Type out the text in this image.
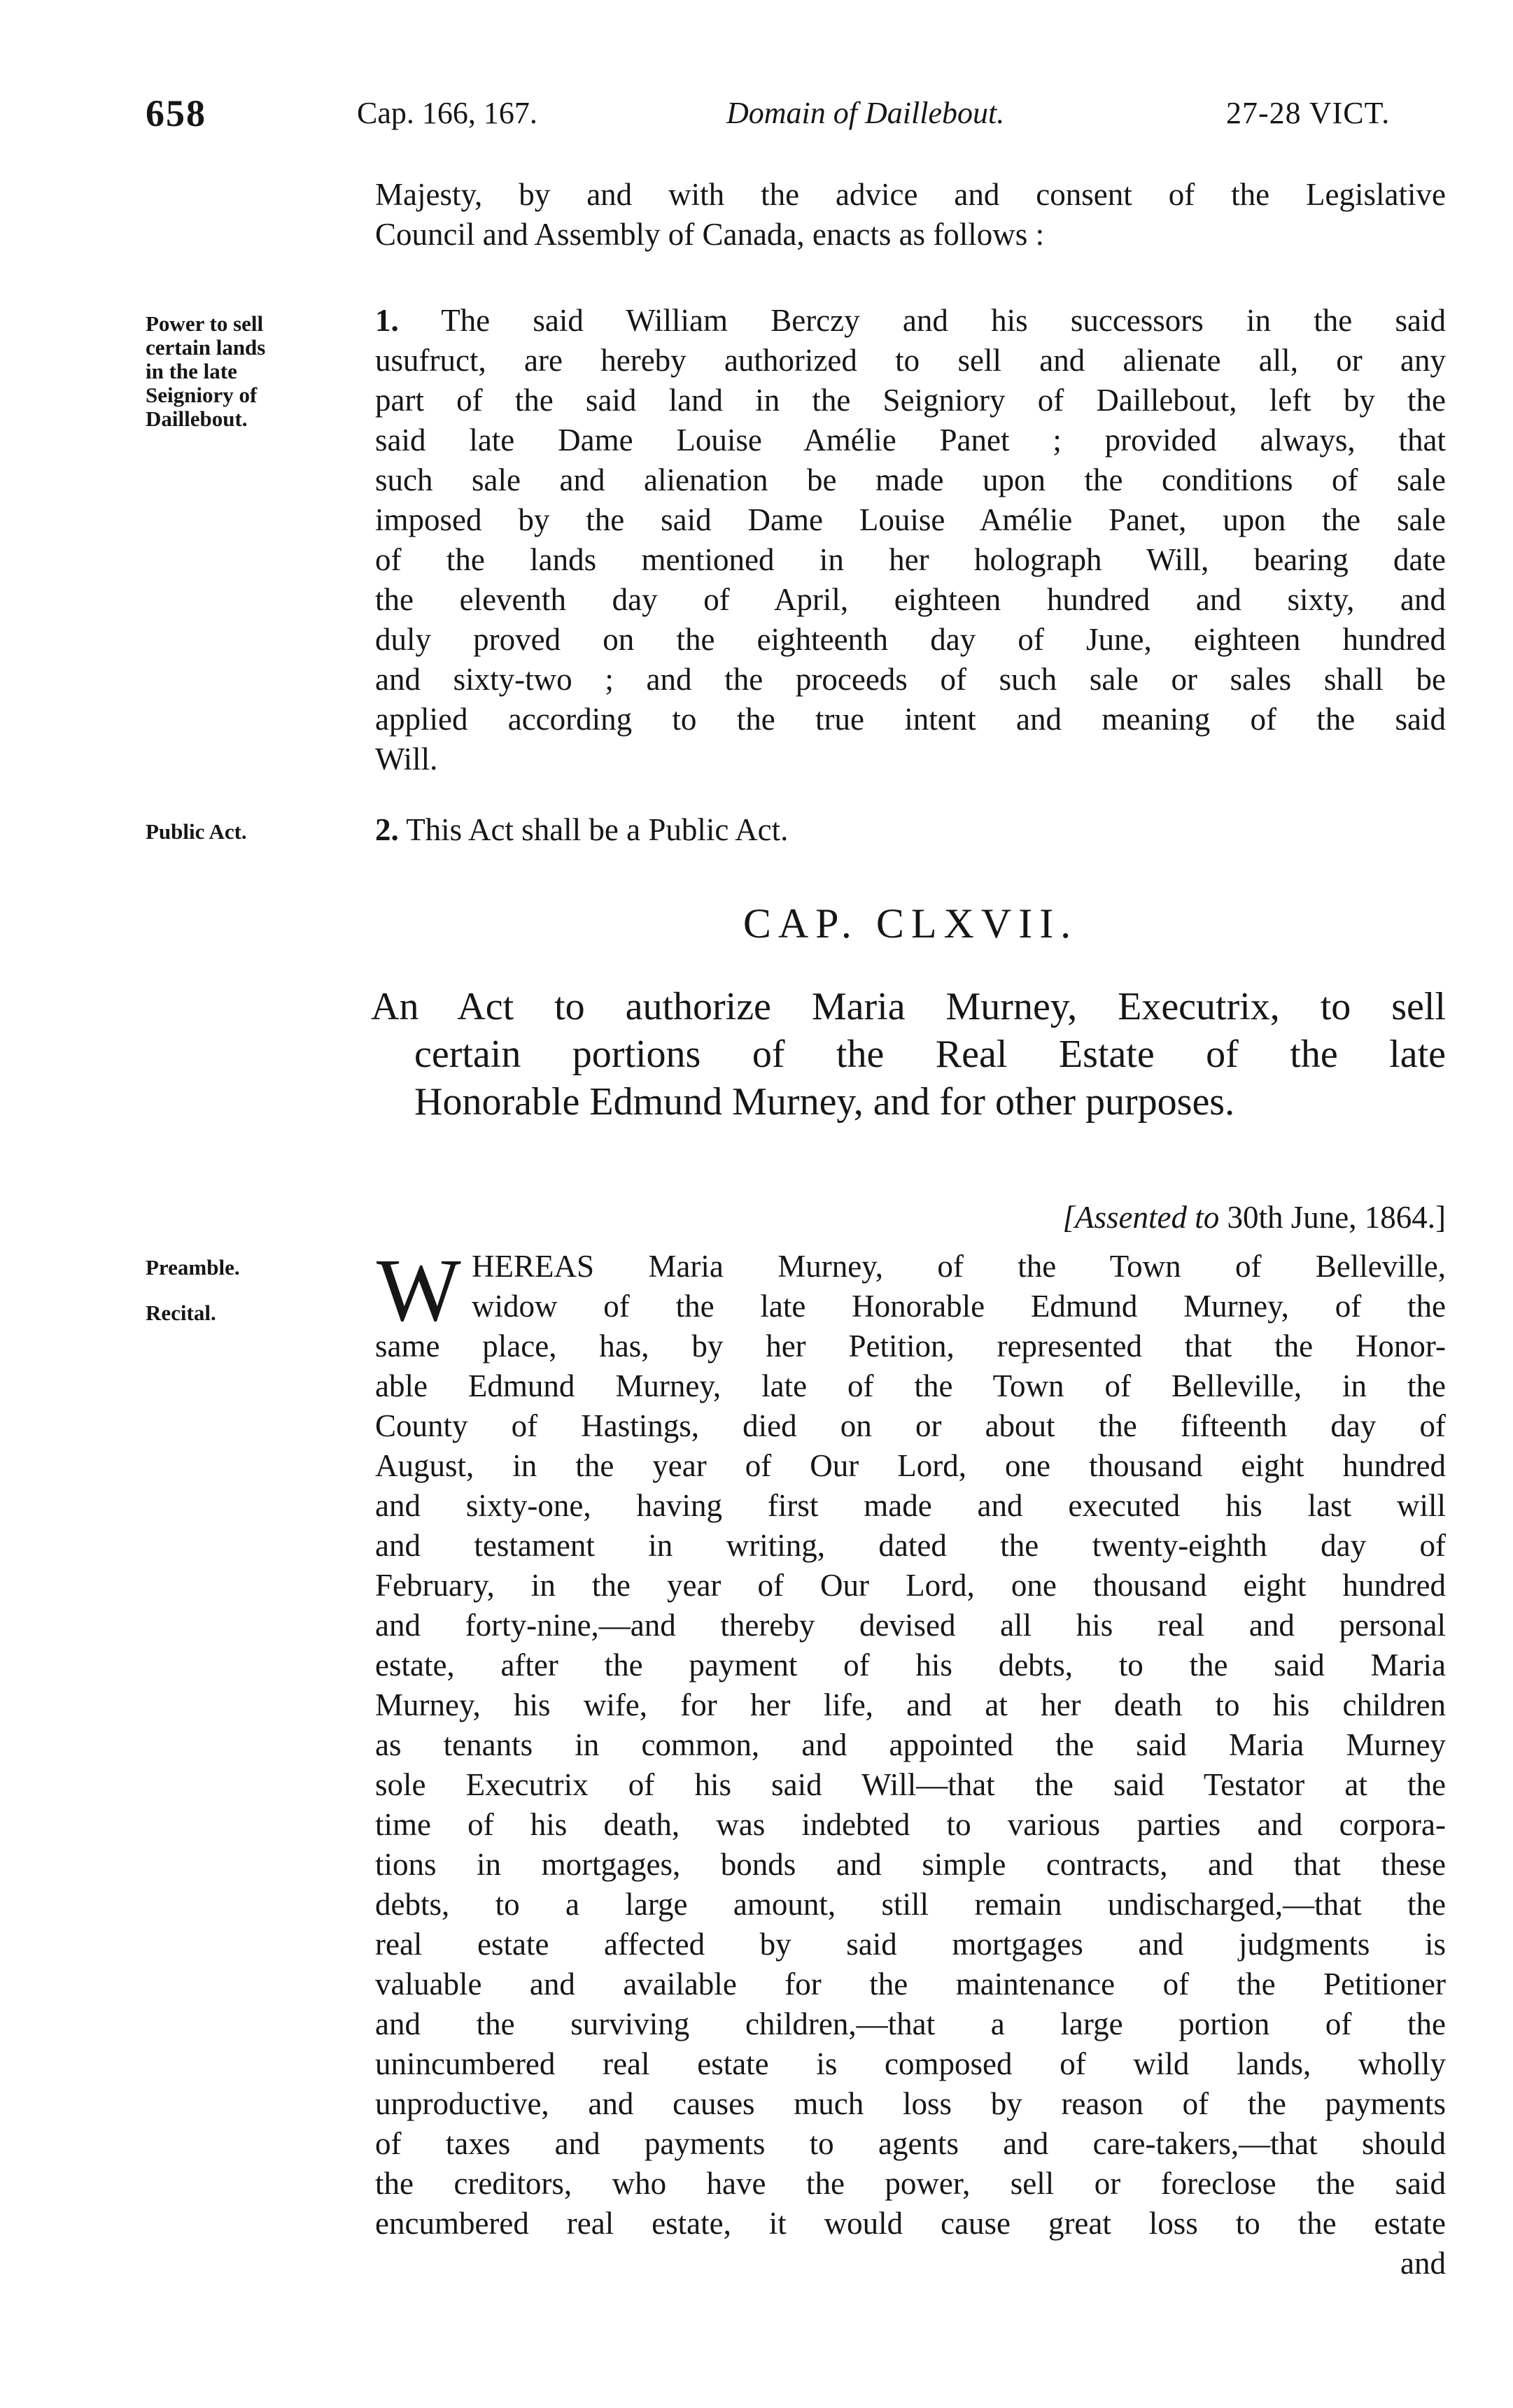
658	Cap. 166, 167.	Domain of Daillebout.	27-28 VICT.
Majesty, by and with the advice and consent of the Legislative
Council and Assembly of Canada, enacts as follows :
Power to sell
certain lands
in the late
Seigniory of
Daillebout.
1. The said William Berczy and his successors in the said
usufruct, are hereby authorized to sell and alienate all, or any
part of the said land in the Seigniory of Daillebout, left by the
said late Dame Louise Amélie Panet ; provided always, that
such sale and alienation be made upon the conditions of sale
imposed by the said Dame Louise Amélie Panet, upon the sale
of the lands mentioned in her holograph Will, bearing date
the eleventh day of April, eighteen hundred and sixty, and
duly proved on the eighteenth day of June, eighteen hundred
and sixty-two ; and the proceeds of such sale or sales shall be
applied according to the true intent and meaning of the said
Will.
Public Act.	2. This Act shall be a Public Act.
CAP. CLXVII.
An Act to authorize Maria Murney, Executrix, to sell
certain portions of the Real Estate of the late
Honorable Edmund Murney, and for other purposes.
[Assented to 30th June, 1864.]
Preamble.
Recital.	W HEREAS Maria Murney, of the Town of Belleville,
widow of the late Honorable Edmund Murney, of the
same place, has, by her Petition, represented that the Honor-
able Edmund Murney, late of the Town of Belleville, in the
County of Hastings, died on or about the fifteenth day of
August, in the year of Our Lord, one thousand eight hundred
and sixty-one, having first made and executed his last will
and testament in writing, dated the twenty-eighth day of
February, in the year of Our Lord, one thousand eight hundred
and forty-nine,—and thereby devised all his real and personal
estate, after the payment of his debts, to the said Maria
Murney, his wife, for her life, and at her death to his children
as tenants in common, and appointed the said Maria Murney
sole Executrix of his said Will—that the said Testator at the
time of his death, was indebted to various parties and corpora-
tions in mortgages, bonds and simple contracts, and that these
debts, to a large amount, still remain undischarged,—that the
real estate affected by said mortgages and judgments is
valuable and available for the maintenance of the Petitioner
and the surviving children,—that a large portion of the
unincumbered real estate is composed of wild lands, wholly
unproductive, and causes much loss by reason of the payments
of taxes and payments to agents and care-takers,—that should
the creditors, who have the power, sell or foreclose the said
encumbered real estate, it would cause great loss to the estate
and
